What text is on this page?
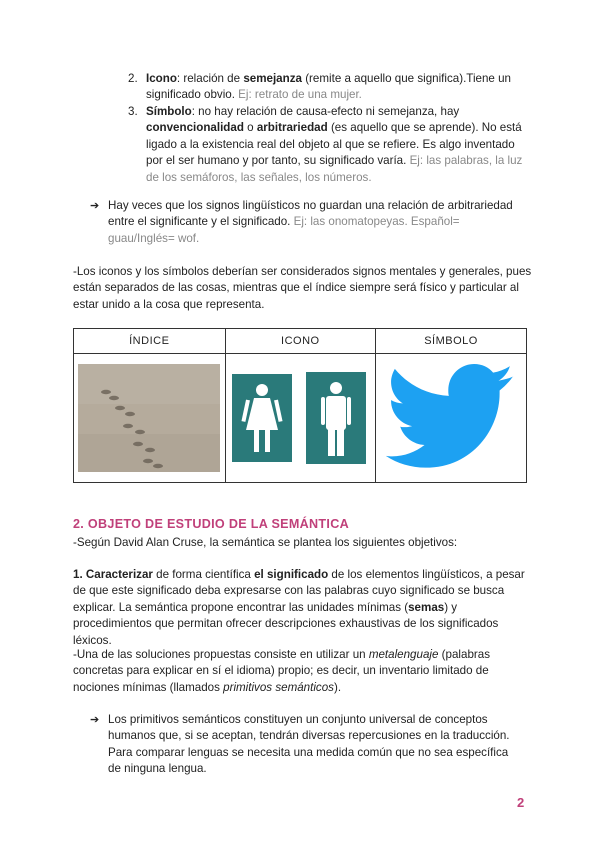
2. Icono: relación de semejanza (remite a aquello que significa).Tiene un significado obvio. Ej: retrato de una mujer.
3. Símbolo: no hay relación de causa-efecto ni semejanza, hay convencionalidad o arbitrariedad (es aquello que se aprende). No está ligado a la existencia real del objeto al que se refiere. Es algo inventado por el ser humano y por tanto, su significado varía. Ej: las palabras, la luz de los semáforos, las señales, los números.
➔ Hay veces que los signos lingüísticos no guardan una relación de arbitrariedad entre el significante y el significado. Ej: las onomatopeyas. Español= guau/Inglés= wof.
-Los iconos y los símbolos deberían ser considerados signos mentales y generales, pues están separados de las cosas, mientras que el índice siempre será físico y particular al estar unido a la cosa que representa.
ÍNDICE	ICONO	SÍMBOLO

2. OBJETO DE ESTUDIO DE LA SEMÁNTICA
-Según David Alan Cruse, la semántica se plantea los siguientes objetivos:
1. Caracterizar de forma científica el significado de los elementos lingüísticos, a pesar de que este significado deba expresarse con las palabras cuyo significado se busca explicar. La semántica propone encontrar las unidades mínimas (semas) y procedimientos que permitan ofrecer descripciones exhaustivas de los significados léxicos.
-Una de las soluciones propuestas consiste en utilizar un metalenguaje (palabras concretas para explicar en sí el idioma) propio; es decir, un inventario limitado de nociones mínimas (llamados primitivos semánticos).
➔ Los primitivos semánticos constituyen un conjunto universal de conceptos humanos que, si se aceptan, tendrán diversas repercusiones en la traducción. Para comparar lenguas se necesita una medida común que no sea específica de ninguna lengua.
2
